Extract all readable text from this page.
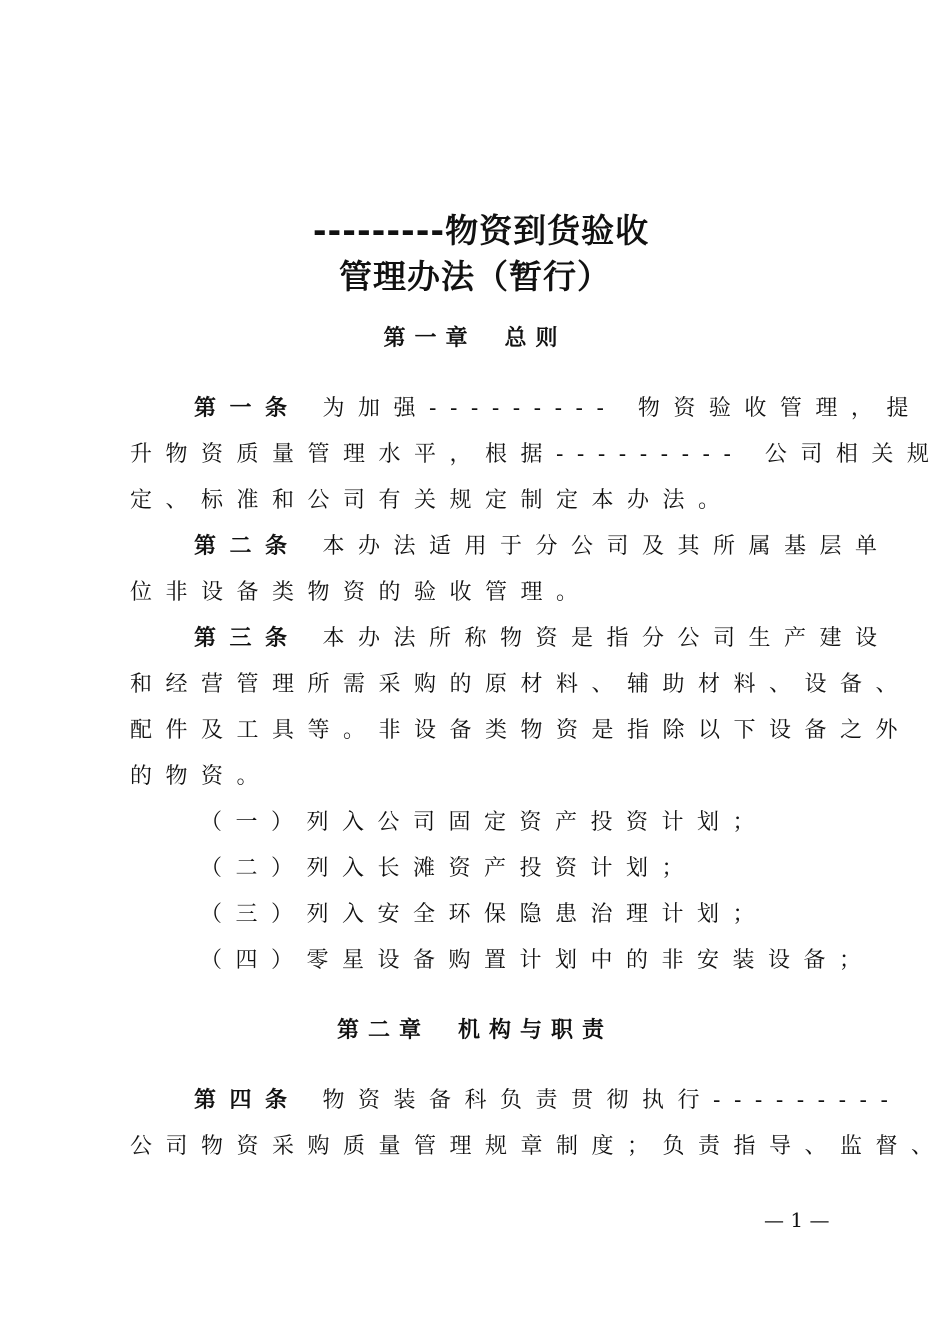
---------物资到货验收
管理办法（暂行）
第一章 总则
第一条 为加强--------- 物资验收管理，提
升物资质量管理水平，根据--------- 公司相关规
定、标准和公司有关规定制定本办法。
第二条 本办法适用于分公司及其所属基层单
位非设备类物资的验收管理。
第三条 本办法所称物资是指分公司生产建设
和经营管理所需采购的原材料、辅助材料、设备、
配件及工具等。非设备类物资是指除以下设备之外
的物资。
（一）列入公司固定资产投资计划；
（二）列入长滩资产投资计划；
（三）列入安全环保隐患治理计划；
（四）零星设备购置计划中的非安装设备；
第二章 机构与职责
第四条 物资装备科负责贯彻执行---------
公司物资采购质量管理规章制度；负责指导、监督、
— 1 —
